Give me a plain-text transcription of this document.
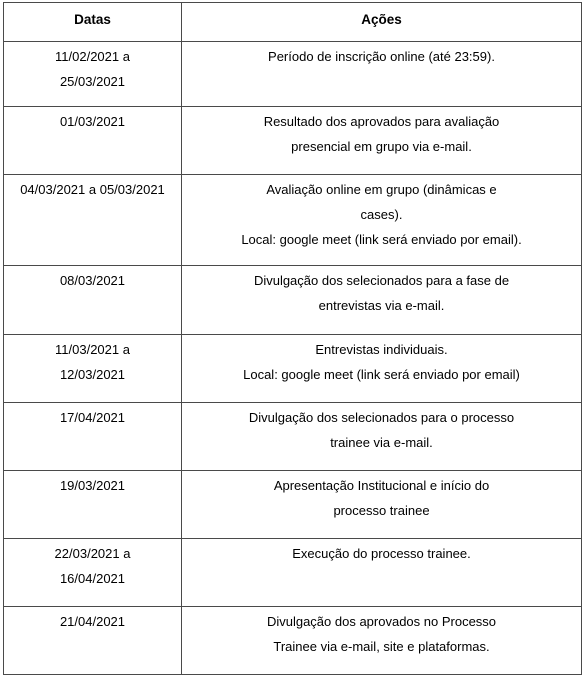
Datas	Ações

11/02/2021 a
25/03/2021	Período de inscrição online (até 23:59).

01/03/2021	Resultado dos aprovados para avaliação
presencial em grupo via e-mail.

04/03/2021 a 05/03/2021	Avaliação online em grupo (dinâmicas e
cases).
Local: google meet (link será enviado por email).

08/03/2021	Divulgação dos selecionados para a fase de
entrevistas via e-mail.

11/03/2021 a
12/03/2021	Entrevistas individuais.
Local: google meet (link será enviado por email)

17/04/2021	Divulgação dos selecionados para o processo
trainee via e-mail.

19/03/2021	Apresentação Institucional e início do
processo trainee

22/03/2021 a
16/04/2021	Execução do processo trainee.

21/04/2021	Divulgação dos aprovados no Processo
Trainee via e-mail, site e plataformas.
